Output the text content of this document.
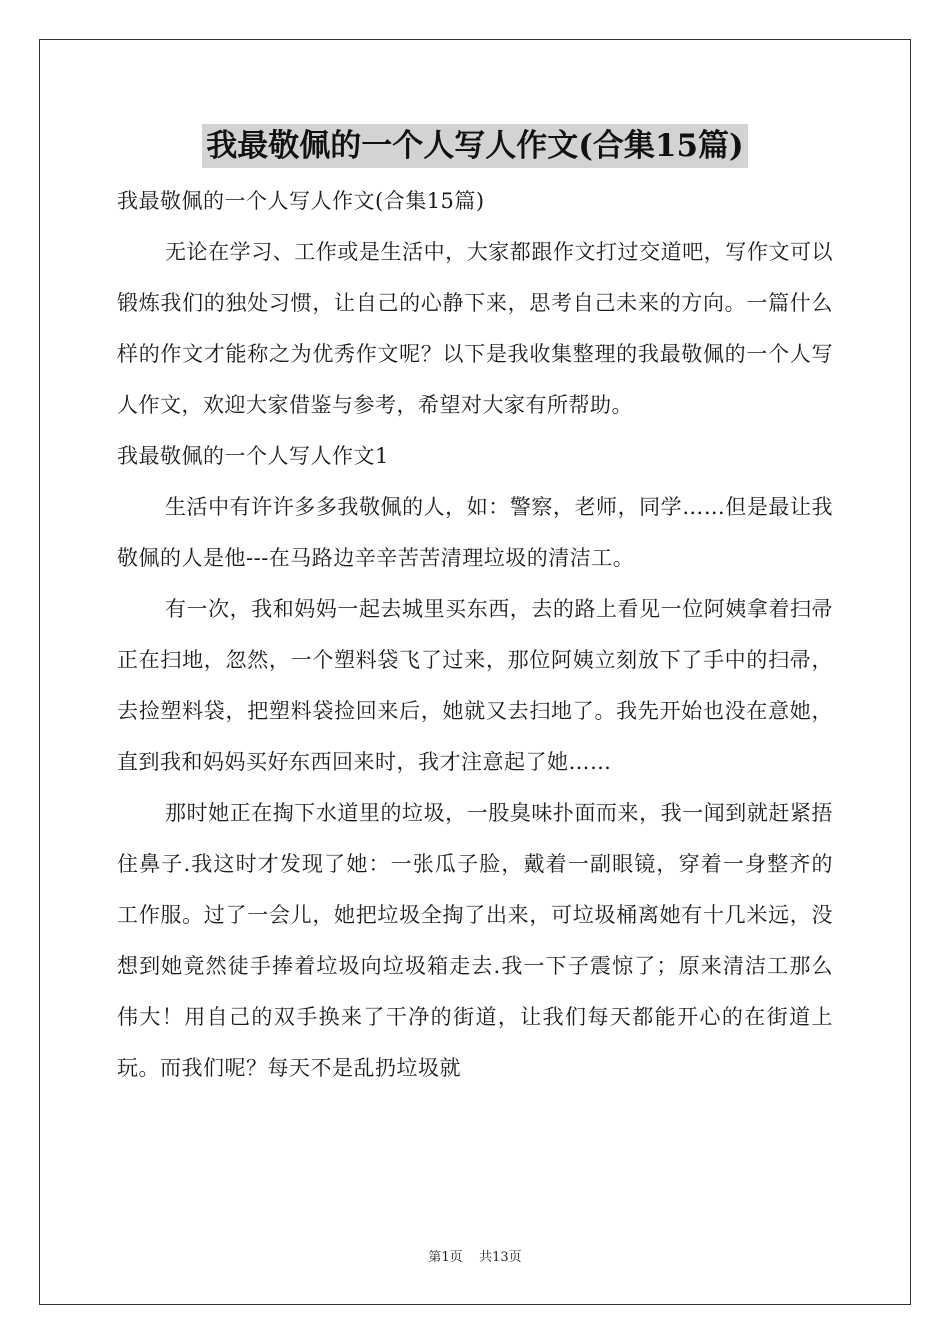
我最敬佩的一个人写人作文(合集15篇)

我最敬佩的一个人写人作文(合集15篇)

无论在学习、工作或是生活中，大家都跟作文打过交道吧，写作文可以锻炼我们的独处习惯，让自己的心静下来，思考自己未来的方向。一篇什么样的作文才能称之为优秀作文呢？以下是我收集整理的我最敬佩的一个人写人作文，欢迎大家借鉴与参考，希望对大家有所帮助。

我最敬佩的一个人写人作文1

生活中有许许多多我敬佩的人，如：警察，老师，同学……但是最让我敬佩的人是他---在马路边辛辛苦苦清理垃圾的清洁工。

有一次，我和妈妈一起去城里买东西，去的路上看见一位阿姨拿着扫帚正在扫地，忽然，一个塑料袋飞了过来，那位阿姨立刻放下了手中的扫帚，去捡塑料袋，把塑料袋捡回来后，她就又去扫地了。我先开始也没在意她，直到我和妈妈买好东西回来时，我才注意起了她……

那时她正在掏下水道里的垃圾，一股臭味扑面而来，我一闻到就赶紧捂住鼻子.我这时才发现了她：一张瓜子脸，戴着一副眼镜，穿着一身整齐的工作服。过了一会儿，她把垃圾全掏了出来，可垃圾桶离她有十几米远，没想到她竟然徒手捧着垃圾向垃圾箱走去.我一下子震惊了；原来清洁工那么伟大！用自己的双手换来了干净的街道，让我们每天都能开心的在街道上玩。而我们呢？每天不是乱扔垃圾就

第1页 共13页
